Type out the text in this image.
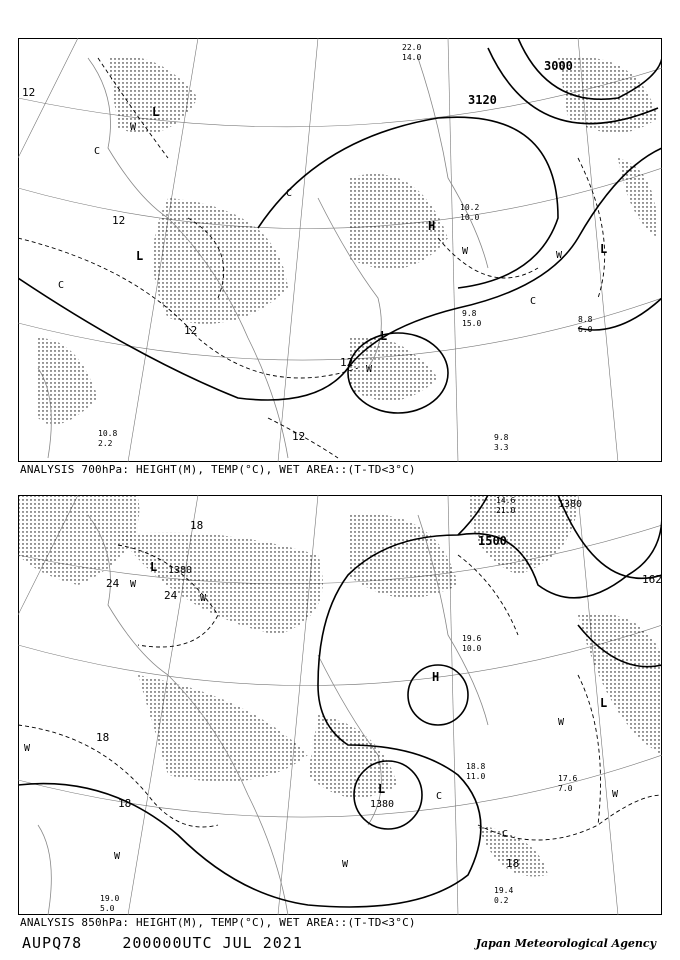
3000
3120
L
L
H
L
L
12
12
12
12
12
W
C
C
W	W
C
C
W
22.0
14.0
10.2
10.0
9.8
15.0	8.8
6.0
9.8
3.3
10.8
2.2
ANALYSIS 700hPa: HEIGHT(M), TEMP(°C), WET AREA::(T-TD<3°C)
1380
1380
1500
1380
L
H
L
L
18
24
24
18
18
18
162
W
W
W
W
W
C
C
W
W
14.6
21.0
19.6
10.0
18.8
11.0	17.6
7.0
19.4
0.2
19.0
5.0
ANALYSIS 850hPa: HEIGHT(M), TEMP(°C), WET AREA::(T-TD<3°C)
AUPQ78	200000UTC JUL 2021	Japan Meteorological Agency
